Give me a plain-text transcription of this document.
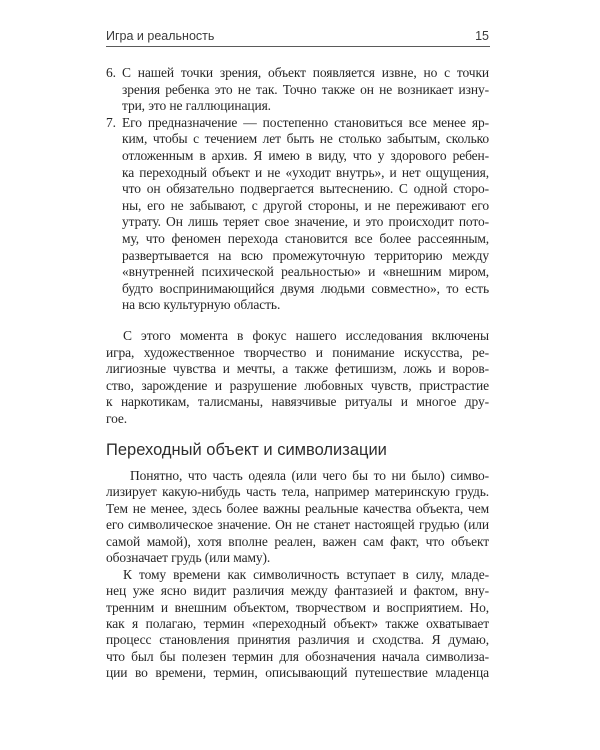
Игра и реальность	15
6. С нашей точки зрения, объект появляется извне, но с точки
зрения ребенка это не так. Точно также он не возникает изну-
три, это не галлюцинация.
7. Его предназначение — постепенно становиться все менее яр-
ким, чтобы с течением лет быть не столько забытым, сколько
отложенным в архив. Я имею в виду, что у здорового ребен-
ка переходный объект и не «уходит внутрь», и нет ощущения,
что он обязательно подвергается вытеснению. С одной сторо-
ны, его не забывают, с другой стороны, и не переживают его
утрату. Он лишь теряет свое значение, и это происходит пото-
му, что феномен перехода становится все более рассеянным,
развертывается на всю промежуточную территорию между
«внутренней психической реальностью» и «внешним миром,
будто воспринимающийся двумя людьми совместно», то есть
на всю культурную область.
С этого момента в фокус нашего исследования включены
игра, художественное творчество и понимание искусства, ре-
лигиозные чувства и мечты, а также фетишизм, ложь и воров-
ство, зарождение и разрушение любовных чувств, пристрастие
к наркотикам, талисманы, навязчивые ритуалы и многое дру-
гое.
Переходный объект и символизации
Понятно, что часть одеяла (или чего бы то ни было) симво-
лизирует какую-нибудь часть тела, например материнскую грудь.
Тем не менее, здесь более важны реальные качества объекта, чем
его символическое значение. Он не станет настоящей грудью (или
самой мамой), хотя вполне реален, важен сам факт, что объект
обозначает грудь (или маму).
К тому времени как символичность вступает в силу, младе-
нец уже ясно видит различия между фантазией и фактом, вну-
тренним и внешним объектом, творчеством и восприятием. Но,
как я полагаю, термин «переходный объект» также охватывает
процесс становления принятия различия и сходства. Я думаю,
что был бы полезен термин для обозначения начала символиза-
ции во времени, термин, описывающий путешествие младенца
